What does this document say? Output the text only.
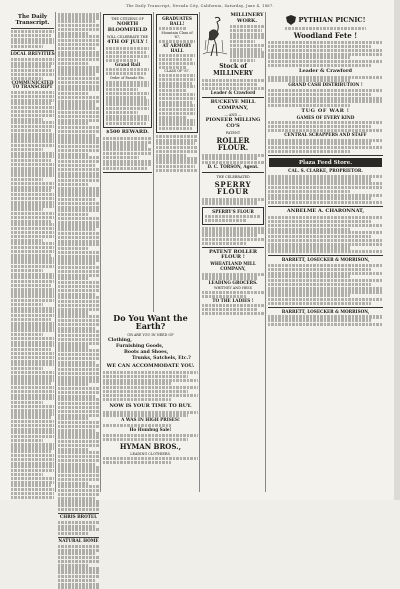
The Daily Transcript, Nevada City, California, Saturday, June 4, 1887.
The Daily Transcript.
LOCAL BREVITIES
COMMUNICATED TO TRANSCRIPT
CHRIS BROTEL
NATURAL HOME
THE CITIZENS OF
NORTH BLOOMFIELD
WILL CELEBRATE THE
4TH OF JULY !
Grand Ball
Order of Parade Etc.
$500 REWARD.
GRADUATES BALL!
Mountain Class of '87,
AT ARMORY HALL
CLASS OF '87.
Do You Want the Earth?
OR ARE YOU IN NEED OF
Clothing,
Furnishing Goods,
Boots and Shoes,
Trunks, Satchels, Etc.?
WE CAN ACCOMMODATE YOU.
NOW IS YOUR TIME TO BUY.
A WAS IN HIGH PRISES!
Ho Humbug Sale!
HYMAN BROS.,
LEADING CLOTHIERS.
MILLINERY WORK.
Stock of MILLINERY
Leader & Crawford
BUCKEYE MILL COMPANY,
— AND —
PIONEER MILLING CO'S
PATENT
ROLLER FLOUR.
D. C. TORSON, Agent.
THE CELEBRATED
SPERRY FLOUR
SPERRY'S FLOUR
PATENT ROLLER FLOUR !
WHEATLAND MILL COMPANY,
LEADING GROCERS.
WHITNEY AND HESS
TO THE LADIES !
PYTHIAN PICNIC!
Woodland Fete !
Leader & Crawford
GRAND CASH DISTRIBUTION !
TUG OF WAR !
GAMES OF EVERY KIND
CENTRAL SCRAPPERS AND STAFF
Plaza Feed Store.
CAL. S. CLARKE, PROPRIETOR.
ANBELME A. CHARONNAT,
BARRETT, LOSECKER & MORRISON,
BARRETT, LOSECKER & MORRISON,
